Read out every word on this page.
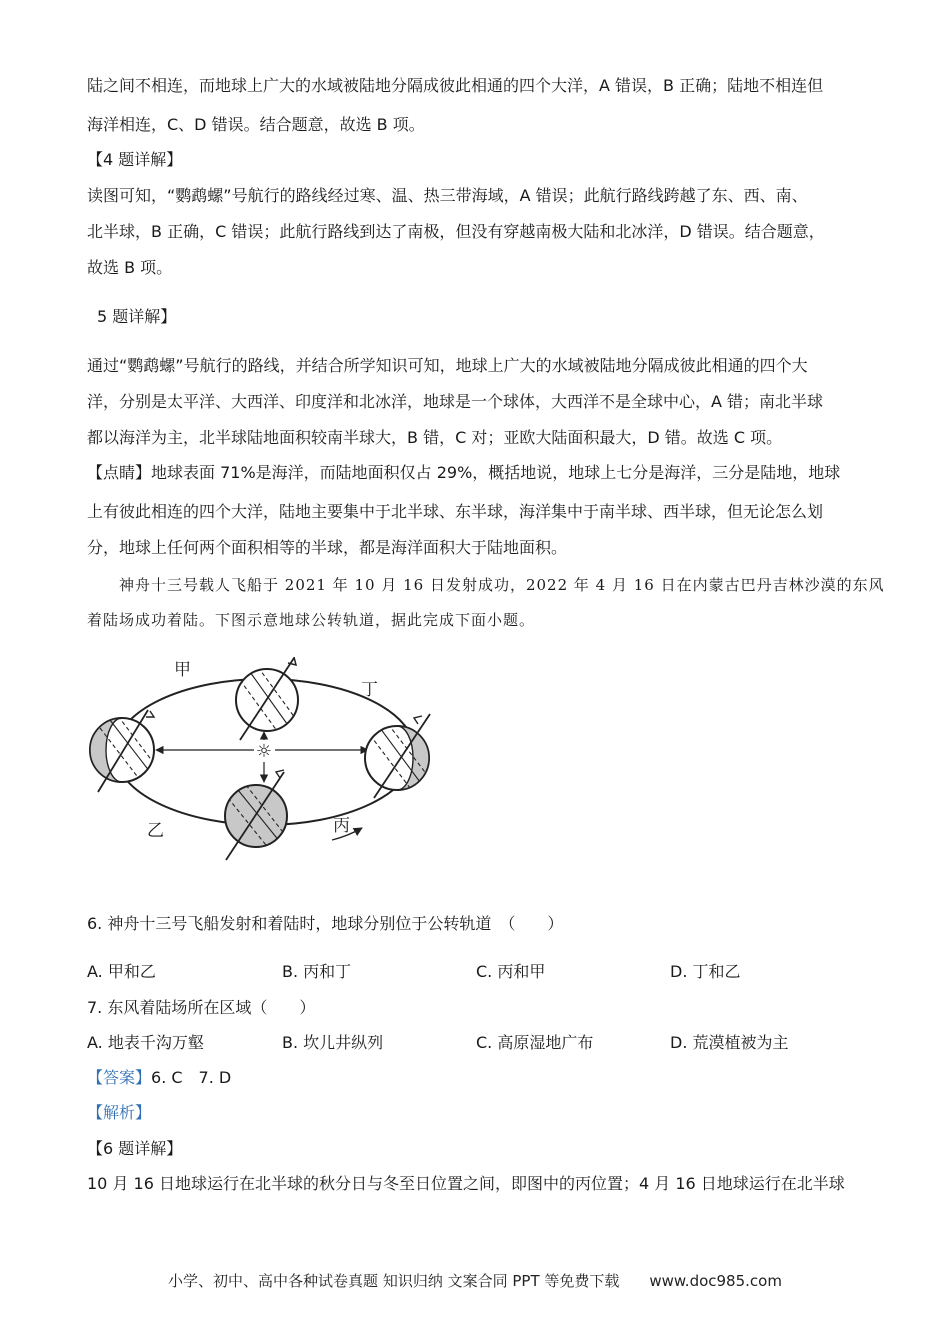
陆之间不相连，而地球上广大的水域被陆地分隔成彼此相通的四个大洋，A 错误，B 正确；陆地不相连但

海洋相连，C、D 错误。结合题意，故选 B 项。

【4 题详解】

读图可知，“鹦鹉螺”号航行的路线经过寒、温、热三带海域，A 错误；此航行路线跨越了东、西、南、

北半球，B 正确，C 错误；此航行路线到达了南极，但没有穿越南极大陆和北冰洋，D 错误。结合题意，

故选 B 项。

5 题详解】

通过“鹦鹉螺”号航行的路线，并结合所学知识可知，地球上广大的水域被陆地分隔成彼此相通的四个大

洋，分别是太平洋、大西洋、印度洋和北冰洋，地球是一个球体，大西洋不是全球中心，A 错；南北半球

都以海洋为主，北半球陆地面积较南半球大，B 错，C 对；亚欧大陆面积最大，D 错。故选 C 项。

【点睛】地球表面 71%是海洋，而陆地面积仅占 29%，概括地说，地球上七分是海洋，三分是陆地，地球

上有彼此相连的四个大洋，陆地主要集中于北半球、东半球，海洋集中于南半球、西半球，但无论怎么划

分，地球上任何两个面积相等的半球，都是海洋面积大于陆地面积。

神舟十三号载人飞船于 2021 年 10 月 16 日发射成功，2022 年 4 月 16 日在内蒙古巴丹吉林沙漠的东风

着陆场成功着陆。下图示意地球公转轨道，据此完成下面小题。

☼
甲
丁
乙	丙

6. 神舟十三号飞船发射和着陆时，地球分别位于公转轨道　（　　）

A. 甲和乙	B. 丙和丁	C. 丙和甲	D. 丁和乙

7. 东风着陆场所在区域（　　）

A. 地表千沟万壑	B. 坎儿井纵列	C. 高原湿地广布	D. 荒漠植被为主

【答案】6. C　7. D

【解析】

【6 题详解】

10 月 16 日地球运行在北半球的秋分日与冬至日位置之间，即图中的丙位置；4 月 16 日地球运行在北半球

小学、初中、高中各种试卷真题 知识归纳 文案合同 PPT 等免费下载　　www.doc985.com
